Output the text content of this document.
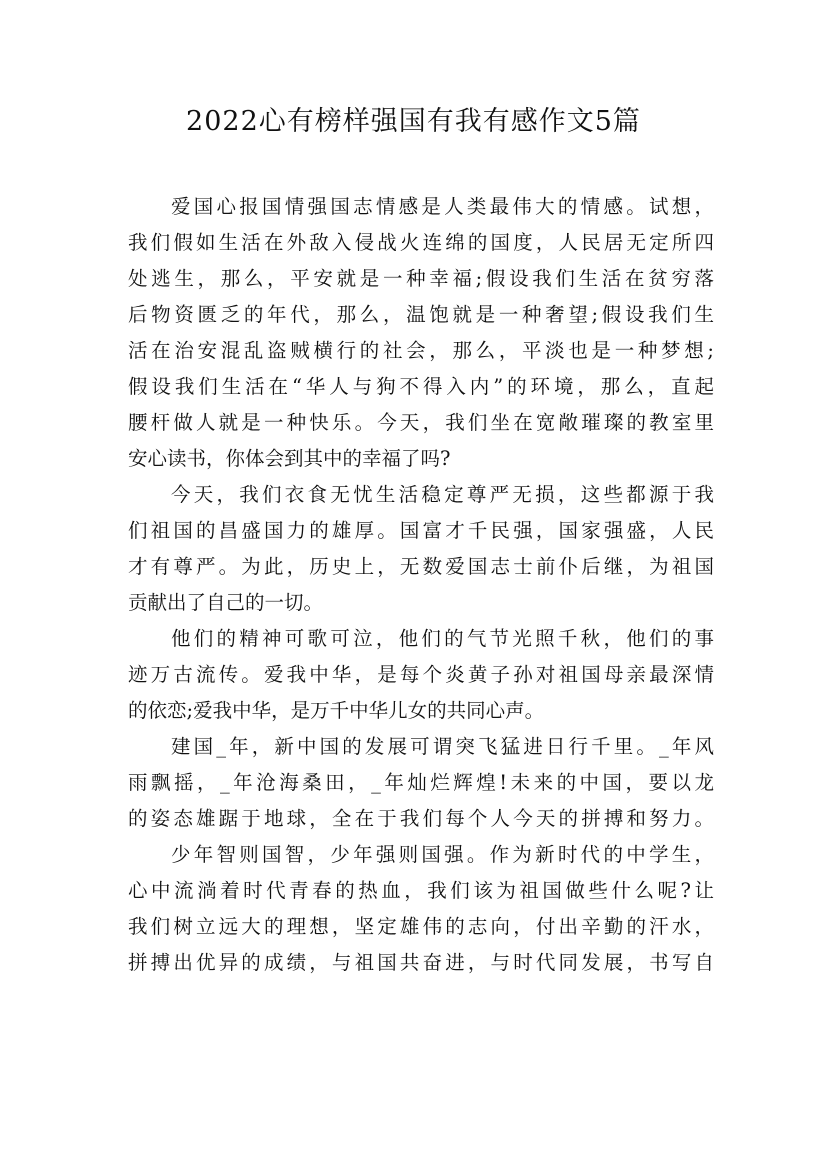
2022心有榜样强国有我有感作文5篇
爱国心报国情强国志情感是人类最伟大的情感。试想，
我们假如生活在外敌入侵战火连绵的国度，人民居无定所四
处逃生，那么，平安就是一种幸福;假设我们生活在贫穷落
后物资匮乏的年代，那么，温饱就是一种奢望;假设我们生
活在治安混乱盗贼横行的社会，那么，平淡也是一种梦想;
假设我们生活在“华人与狗不得入内”的环境，那么，直起
腰杆做人就是一种快乐。今天，我们坐在宽敞璀璨的教室里
安心读书，你体会到其中的幸福了吗?
今天，我们衣食无忧生活稳定尊严无损，这些都源于我
们祖国的昌盛国力的雄厚。国富才千民强，国家强盛，人民
才有尊严。为此，历史上，无数爱国志士前仆后继，为祖国
贡献出了自己的一切。
他们的精神可歌可泣，他们的气节光照千秋，他们的事
迹万古流传。爱我中华，是每个炎黄子孙对祖国母亲最深情
的依恋;爱我中华，是万千中华儿女的共同心声。
建国_年，新中国的发展可谓突飞猛进日行千里。_年风
雨飘摇，_年沧海桑田，_年灿烂辉煌!未来的中国，要以龙
的姿态雄踞于地球，全在于我们每个人今天的拼搏和努力。
少年智则国智，少年强则国强。作为新时代的中学生，
心中流淌着时代青春的热血，我们该为祖国做些什么呢?让
我们树立远大的理想，坚定雄伟的志向，付出辛勤的汗水，
拼搏出优异的成绩，与祖国共奋进，与时代同发展，书写自
